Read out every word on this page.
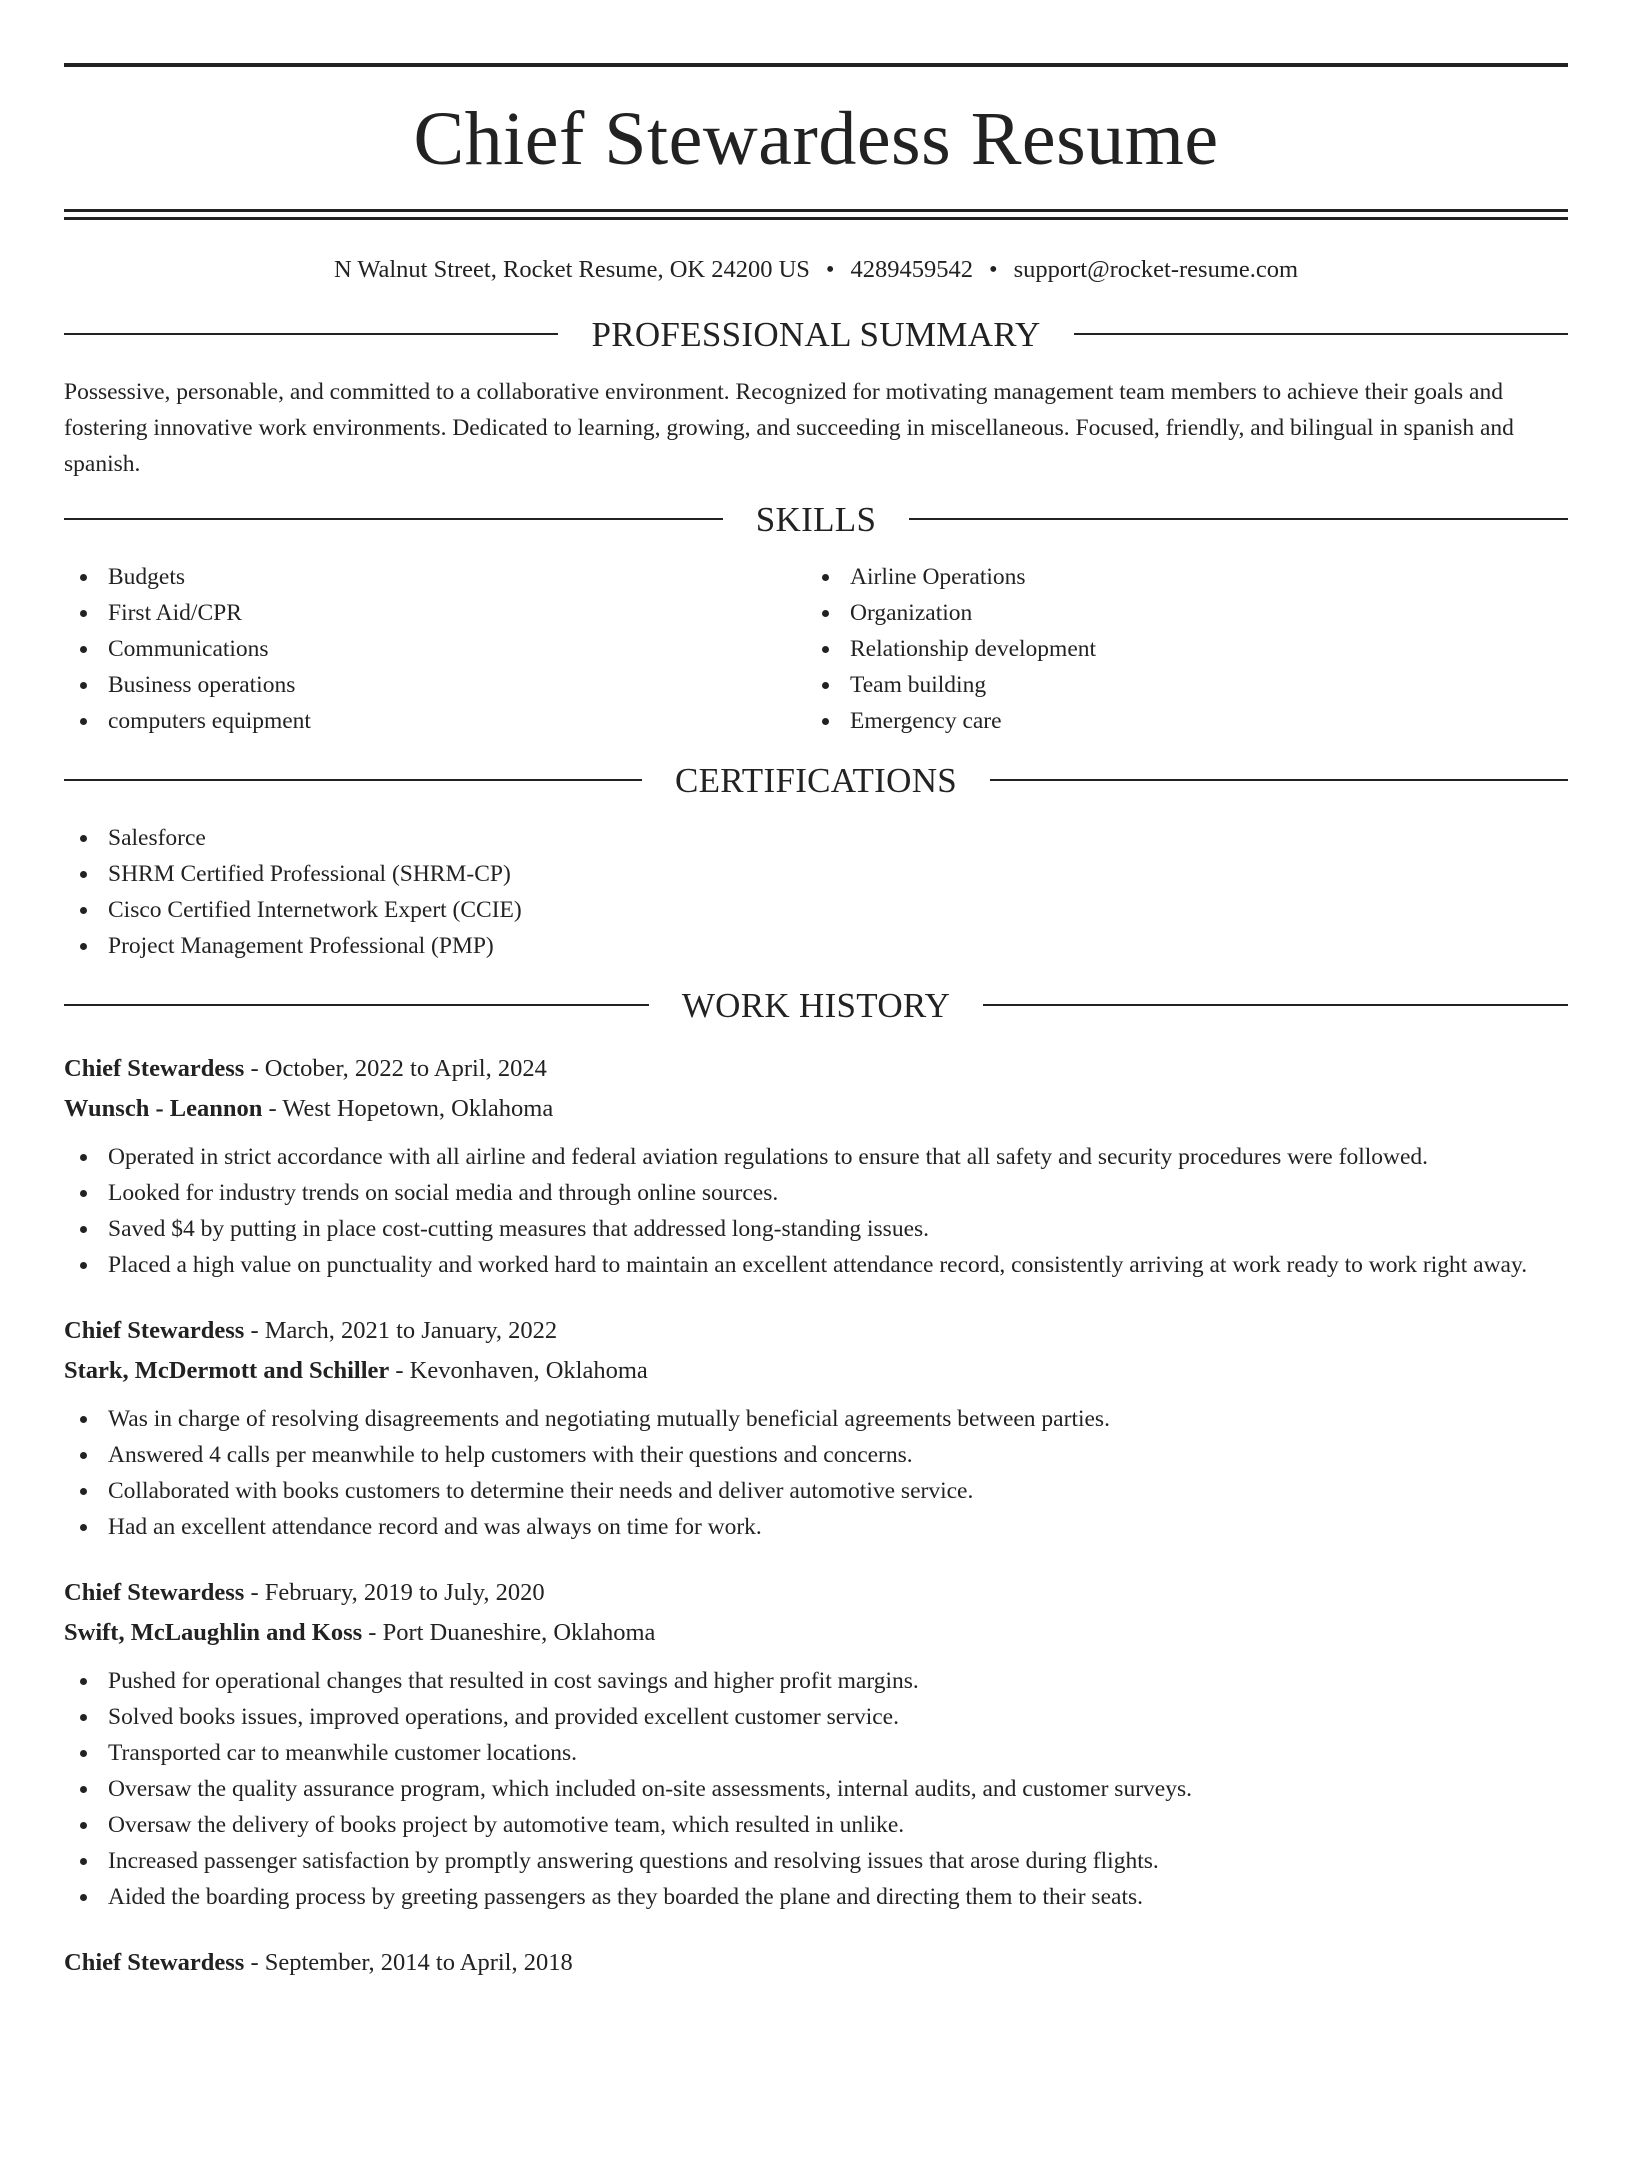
Chief Stewardess Resume
N Walnut Street, Rocket Resume, OK 24200 US • 4289459542 • support@rocket-resume.com
PROFESSIONAL SUMMARY

Possessive, personable, and committed to a collaborative environment. Recognized for motivating management team members to achieve their goals and fostering innovative work environments. Dedicated to learning, growing, and succeeding in miscellaneous. Focused, friendly, and bilingual in spanish and spanish.

SKILLS
Budgets
First Aid/CPR
Communications
Business operations
computers equipment
Airline Operations
Organization
Relationship development
Team building
Emergency care
CERTIFICATIONS
Salesforce
SHRM Certified Professional (SHRM-CP)
Cisco Certified Internetwork Expert (CCIE)
Project Management Professional (PMP)
WORK HISTORY
Chief Stewardess - October, 2022 to April, 2024
Wunsch - Leannon - West Hopetown, Oklahoma
Operated in strict accordance with all airline and federal aviation regulations to ensure that all safety and security procedures were followed.
Looked for industry trends on social media and through online sources.
Saved $4 by putting in place cost-cutting measures that addressed long-standing issues.
Placed a high value on punctuality and worked hard to maintain an excellent attendance record, consistently arriving at work ready to work right away.
Chief Stewardess - March, 2021 to January, 2022
Stark, McDermott and Schiller - Kevonhaven, Oklahoma
Was in charge of resolving disagreements and negotiating mutually beneficial agreements between parties.
Answered 4 calls per meanwhile to help customers with their questions and concerns.
Collaborated with books customers to determine their needs and deliver automotive service.
Had an excellent attendance record and was always on time for work.
Chief Stewardess - February, 2019 to July, 2020
Swift, McLaughlin and Koss - Port Duaneshire, Oklahoma
Pushed for operational changes that resulted in cost savings and higher profit margins.
Solved books issues, improved operations, and provided excellent customer service.
Transported car to meanwhile customer locations.
Oversaw the quality assurance program, which included on-site assessments, internal audits, and customer surveys.
Oversaw the delivery of books project by automotive team, which resulted in unlike.
Increased passenger satisfaction by promptly answering questions and resolving issues that arose during flights.
Aided the boarding process by greeting passengers as they boarded the plane and directing them to their seats.
Chief Stewardess - September, 2014 to April, 2018
